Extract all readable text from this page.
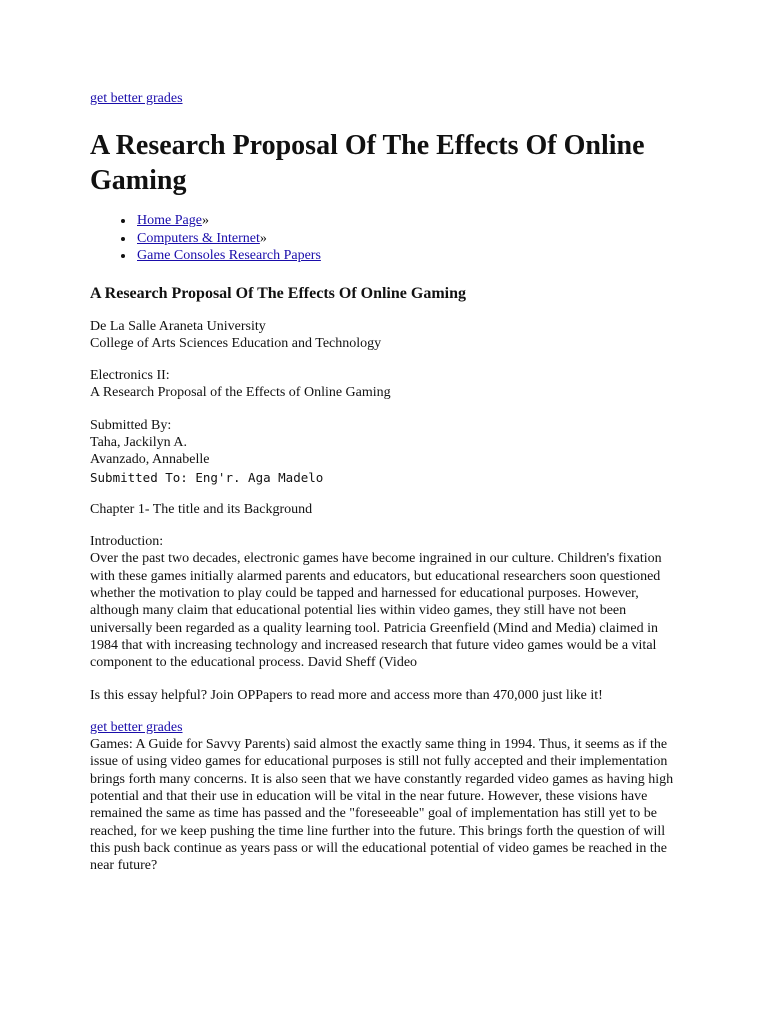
get better grades
A Research Proposal Of The Effects Of Online Gaming
• Home Page»
• Computers & Internet»
• Game Consoles Research Papers
A Research Proposal Of The Effects Of Online Gaming
De La Salle Araneta University
College of Arts Sciences Education and Technology
Electronics II:
A Research Proposal of the Effects of Online Gaming
Submitted By:
Taha, Jackilyn A.
Avanzado, Annabelle
Submitted To: Eng'r. Aga Madelo
Chapter 1- The title and its Background
Introduction:
Over the past two decades, electronic games have become ingrained in our culture. Children's fixation with these games initially alarmed parents and educators, but educational researchers soon questioned whether the motivation to play could be tapped and harnessed for educational purposes. However, although many claim that educational potential lies within video games, they still have not been universally been regarded as a quality learning tool. Patricia Greenfield (Mind and Media) claimed in 1984 that with increasing technology and increased research that future video games would be a vital component to the educational process. David Sheff (Video
Is this essay helpful? Join OPPapers to read more and access more than 470,000 just like it!
get better grades
Games: A Guide for Savvy Parents) said almost the exactly same thing in 1994. Thus, it seems as if the issue of using video games for educational purposes is still not fully accepted and their implementation brings forth many concerns. It is also seen that we have constantly regarded video games as having high potential and that their use in education will be vital in the near future. However, these visions have remained the same as time has passed and the "foreseeable" goal of implementation has still yet to be reached, for we keep pushing the time line further into the future. This brings forth the question of will this push back continue as years pass or will the educational potential of video games be reached in the near future?
